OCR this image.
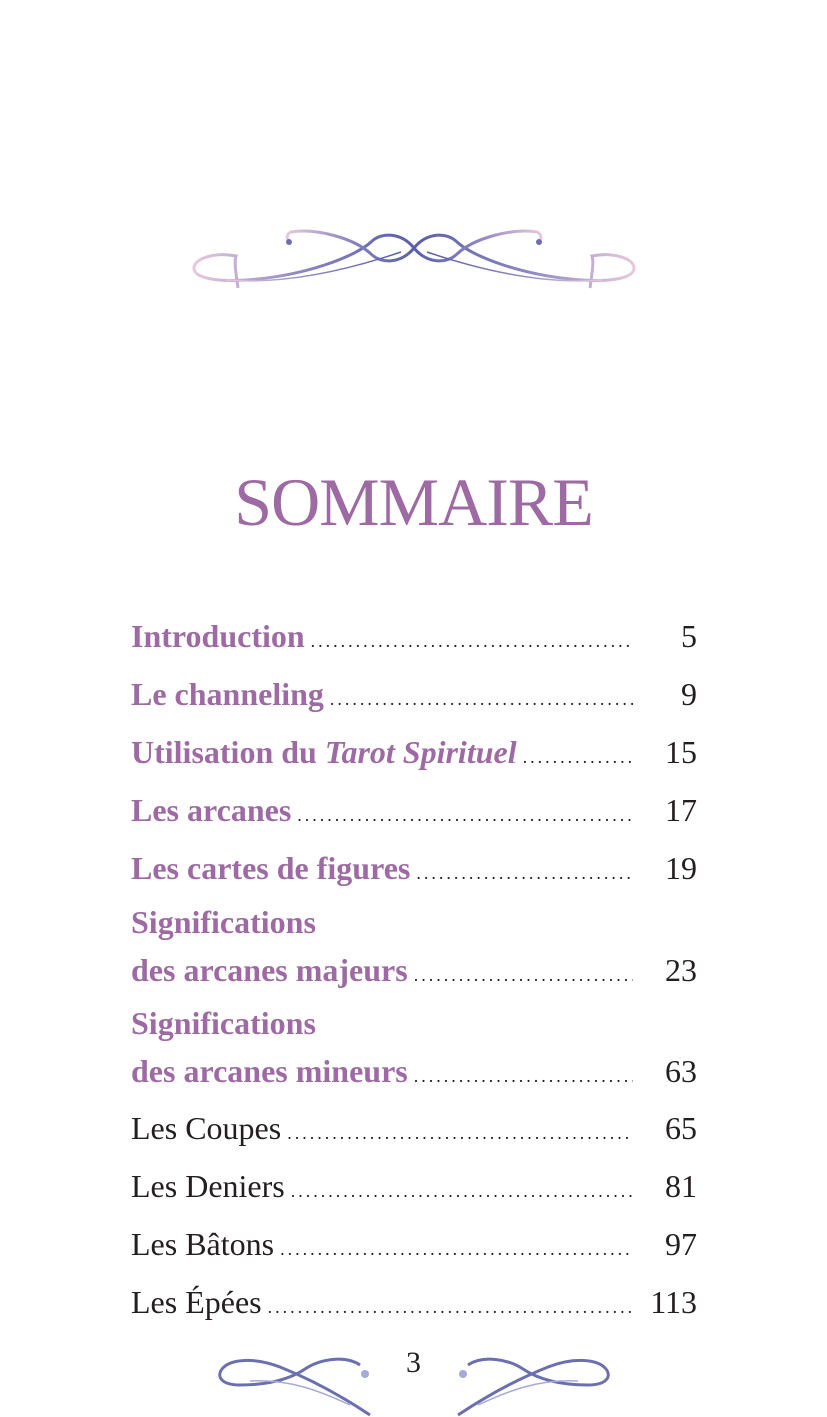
SOMMAIRE
Introduction .....	5
Le channeling .....	9
Utilisation du Tarot Spirituel .....	15
Les arcanes .....	17
Les cartes de figures .....	19
Significations
des arcanes majeurs .....	23
Significations
des arcanes mineurs .....	63
Les Coupes .....	65
Les Deniers .....	81
Les Bâtons .....	97
Les Épées .....	113
3
